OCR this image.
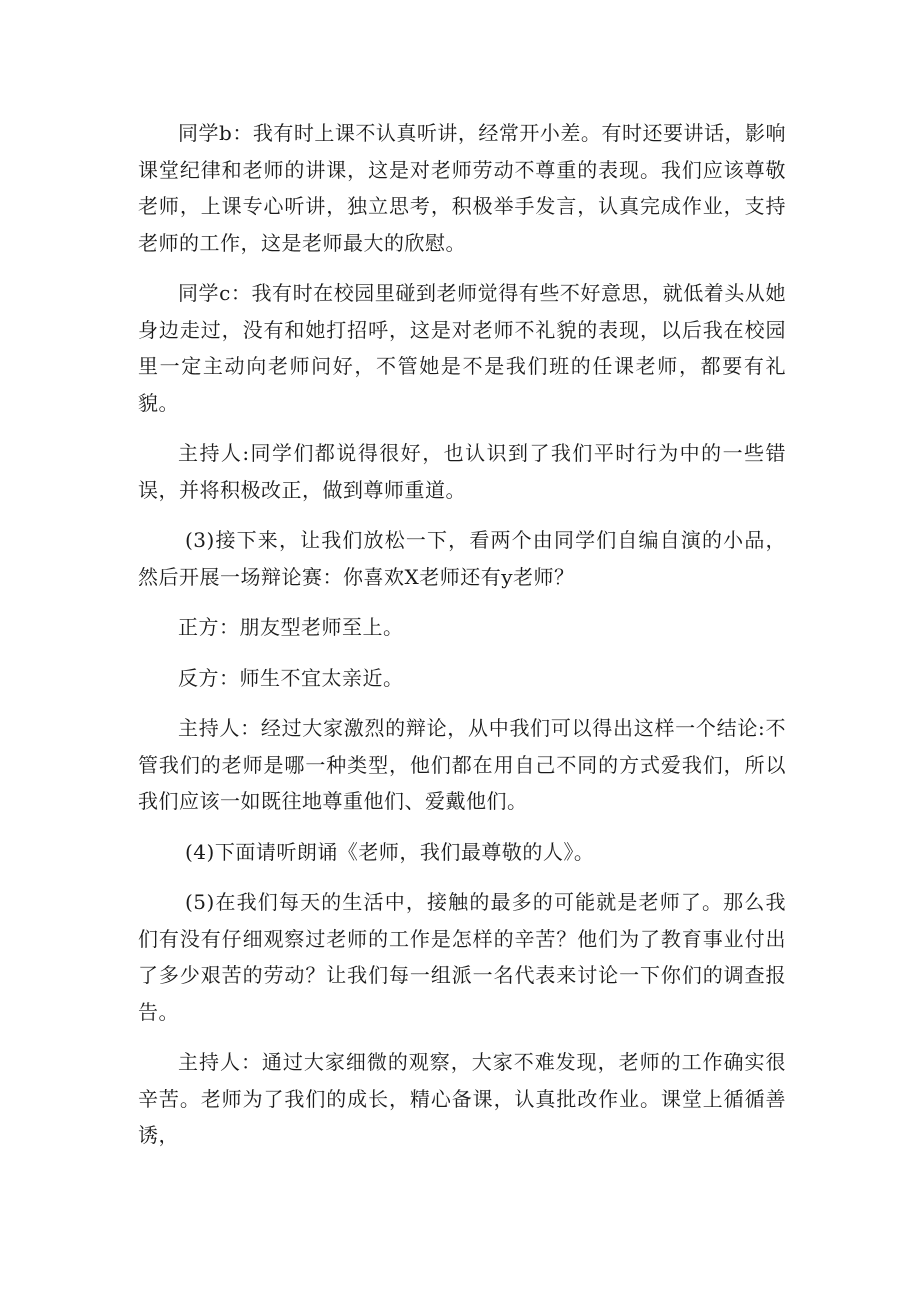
同学b：我有时上课不认真听讲，经常开小差。有时还要讲话，影响课堂纪律和老师的讲课，这是对老师劳动不尊重的表现。我们应该尊敬老师，上课专心听讲，独立思考，积极举手发言，认真完成作业，支持老师的工作，这是老师最大的欣慰。

同学c：我有时在校园里碰到老师觉得有些不好意思，就低着头从她身边走过，没有和她打招呼，这是对老师不礼貌的表现，以后我在校园里一定主动向老师问好，不管她是不是我们班的任课老师，都要有礼貌。

主持人:同学们都说得很好，也认识到了我们平时行为中的一些错误，并将积极改正，做到尊师重道。

(3)接下来，让我们放松一下，看两个由同学们自编自演的小品，然后开展一场辩论赛：你喜欢X老师还有y老师？

正方：朋友型老师至上。

反方：师生不宜太亲近。

主持人：经过大家激烈的辩论，从中我们可以得出这样一个结论:不管我们的老师是哪一种类型，他们都在用自己不同的方式爱我们，所以我们应该一如既往地尊重他们、爱戴他们。

(4)下面请听朗诵《老师，我们最尊敬的人》。

(5)在我们每天的生活中，接触的最多的可能就是老师了。那么我们有没有仔细观察过老师的工作是怎样的辛苦？他们为了教育事业付出了多少艰苦的劳动？让我们每一组派一名代表来讨论一下你们的调查报告。

主持人：通过大家细微的观察，大家不难发现，老师的工作确实很辛苦。老师为了我们的成长，精心备课，认真批改作业。课堂上循循善诱，
